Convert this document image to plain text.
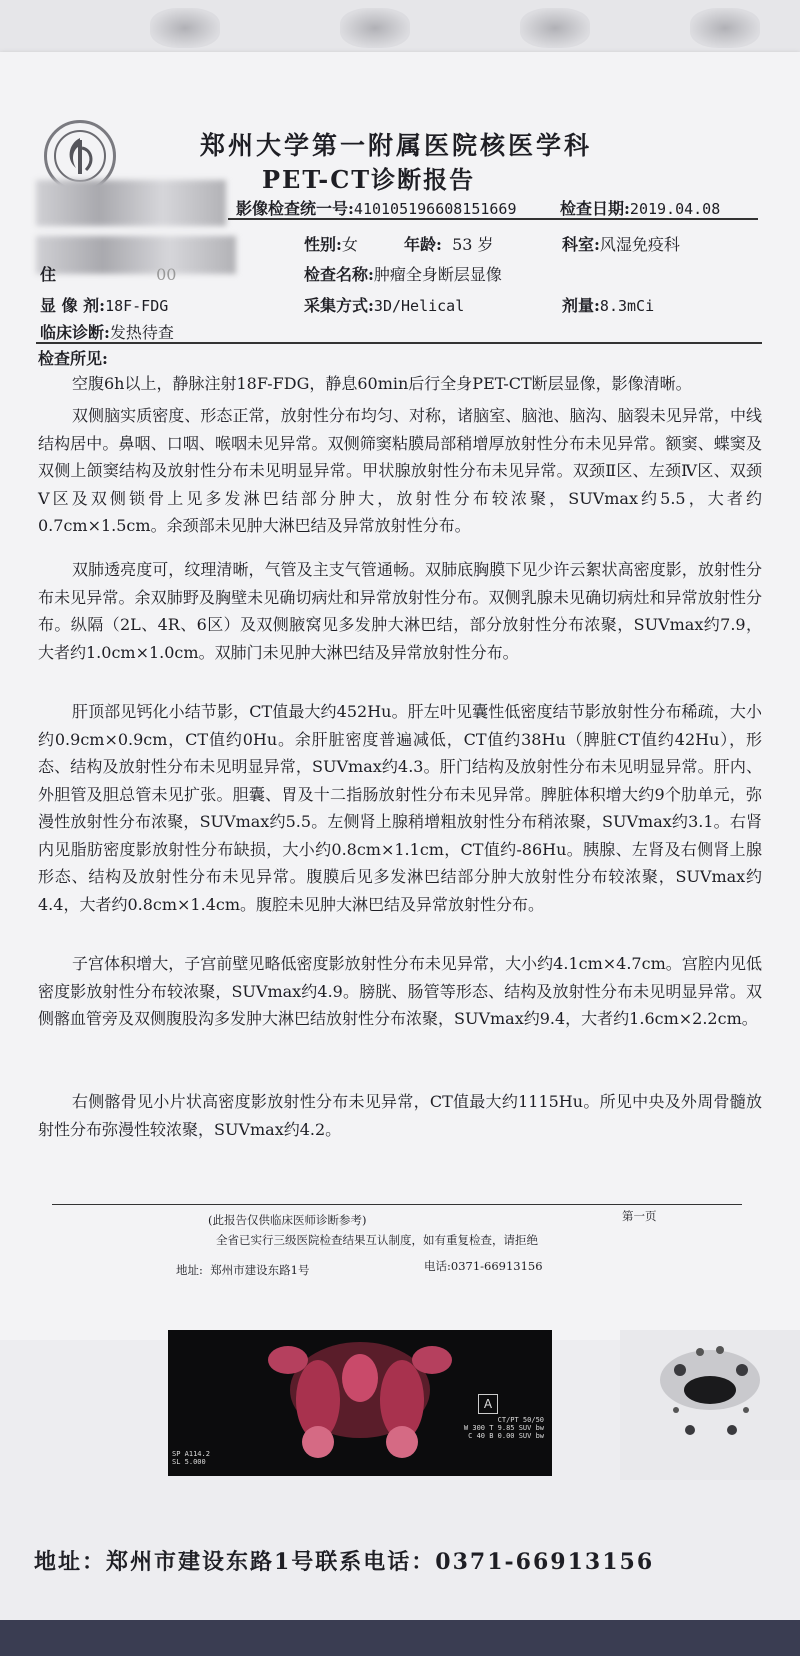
郑州大学第一附属医院核医学科
PET-CT诊断报告
影像检查统一号:41010519660815166​9	检查日期:2019.04.08
性别:女	年龄: 53 岁	科室:风湿免疫科
住	00	检查名称:肿瘤全身断层显像
显 像 剂:18F-FDG	采集方式:3D/Helical	剂量:8.3mCi
临床诊断:发热待查
检查所见:

空腹6h以上，静脉注射18F-FDG，静息60min后行全身PET-CT断层显像，影像清晰。

双侧脑实质密度、形态正常，放射性分布均匀、对称，诸脑室、脑池、脑沟、脑裂未见异常，中线结构居中。鼻咽、口咽、喉咽未见异常。双侧筛窦粘膜局部稍增厚放射性分布未见异常。额窦、蝶窦及双侧上颌窦结构及放射性分布未见明显异常。甲状腺放射性分布未见异常。双颈Ⅱ区、左颈Ⅳ区、双颈Ⅴ区及双侧锁骨上见多发淋巴结部分肿大，放射性分布较浓聚，SUVmax约5.5，大者约0.7cm×1.5cm。余颈部未见肿大淋巴结及异常放射性分布。

双肺透亮度可，纹理清晰，气管及主支气管通畅。双肺底胸膜下见少许云絮状高密度影，放射性分布未见异常。余双肺野及胸壁未见确切病灶和异常放射性分布。双侧乳腺未见确切病灶和异常放射性分布。纵隔（2L、4R、6区）及双侧腋窝见多发肿大淋巴结，部分放射性分布浓聚，SUVmax约7.9，大者约1.0cm×1.0cm。双肺门未见肿大淋巴结及异常放射性分布。

肝顶部见钙化小结节影，CT值最大约452Hu。肝左叶见囊性低密度结节影放射性分布稀疏，大小约0.9cm×0.9cm，CT值约0Hu。余肝脏密度普遍减低，CT值约38Hu（脾脏CT值约42Hu），形态、结构及放射性分布未见明显异常，SUVmax约4.3。肝门结构及放射性分布未见明显异常。肝内、外胆管及胆总管未见扩张。胆囊、胃及十二指肠放射性分布未见异常。脾脏体积增大约9个肋单元，弥漫性放射性分布浓聚，SUVmax约5.5。左侧肾上腺稍增粗放射性分布稍浓聚，SUVmax约3.1。右肾内见脂肪密度影放射性分布缺损，大小约0.8cm×1.1cm，CT值约-86Hu。胰腺、左肾及右侧肾上腺形态、结构及放射性分布未见异常。腹膜后见多发淋巴结部分肿大放射性分布较浓聚，SUVmax约4.4，大者约0.8cm×1.4cm。腹腔未见肿大淋巴结及异常放射性分布。

子宫体积增大，子宫前壁见略低密度影放射性分布未见异常，大小约4.1cm×4.7cm。宫腔内见低密度影放射性分布较浓聚，SUVmax约4.9。膀胱、肠管等形态、结构及放射性分布未见明显异常。双侧髂血管旁及双侧腹股沟多发肿大淋巴结放射性分布浓聚，SUVmax约9.4，大者约1.6cm×2.2cm。

右侧髂骨见小片状高密度影放射性分布未见异常，CT值最大约1115Hu。所见中央及外周骨髓放射性分布弥漫性较浓聚，SUVmax约4.2。

(此报告仅供临床医师诊断参考)	第一页
全省已实行三级医院检查结果互认制度，如有重复检查，请拒绝
地址: 郑州市建设东路1号	电话:0371-66913156
CT/PT 50/50
W 300 T 9.85 SUV bw
C 40 B 0.00 SUV bw
SP A114.2
SL 5.000
A
地址：郑州市建设东路1号联系电话：0371-66913156
